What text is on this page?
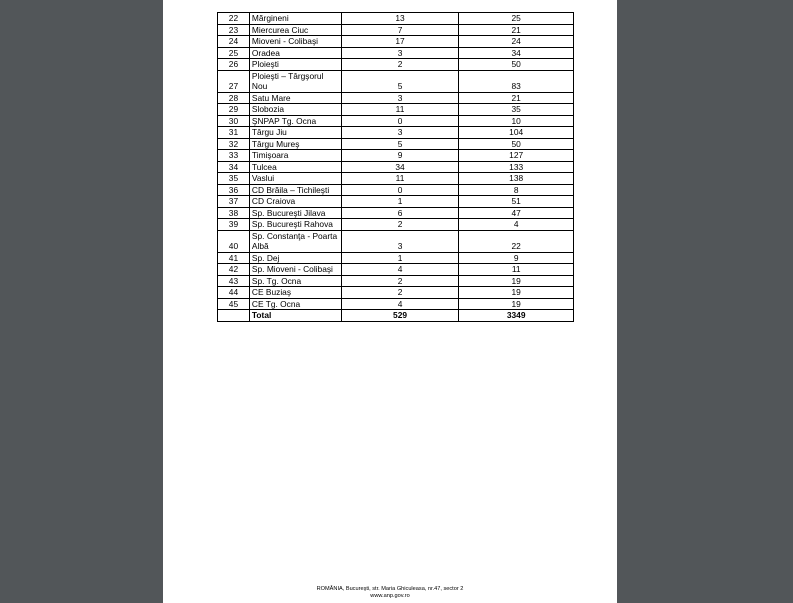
22	Mărgineni	13	25
23	Miercurea Ciuc	7	21
24	Mioveni - Colibaşi	17	24
25	Oradea	3	34
26	Ploieşti	2	50
27	Ploieşti – Târgşorul Nou	5	83
28	Satu Mare	3	21
29	Slobozia	11	35
30	ŞNPAP Tg. Ocna	0	10
31	Târgu Jiu	3	104
32	Târgu Mureş	5	50
33	Timişoara	9	127
34	Tulcea	34	133
35	Vaslui	11	138
36	CD Brăila – Tichileşti	0	8
37	CD Craiova	1	51
38	Sp. Bucureşti Jilava	6	47
39	Sp. Bucureşti Rahova	2	4
40	Sp. Constanţa - Poarta Albă	3	22
41	Sp. Dej	1	9
42	Sp. Mioveni - Colibaşi	4	11
43	Sp. Tg. Ocna	2	19
44	CE Buziaş	2	19
45	CE Tg. Ocna	4	19
	Total	529	3349
ROMÂNIA, Bucureşti, str. Maria Ghiculeasa, nr.47, sector 2
www.anp.gov.ro
